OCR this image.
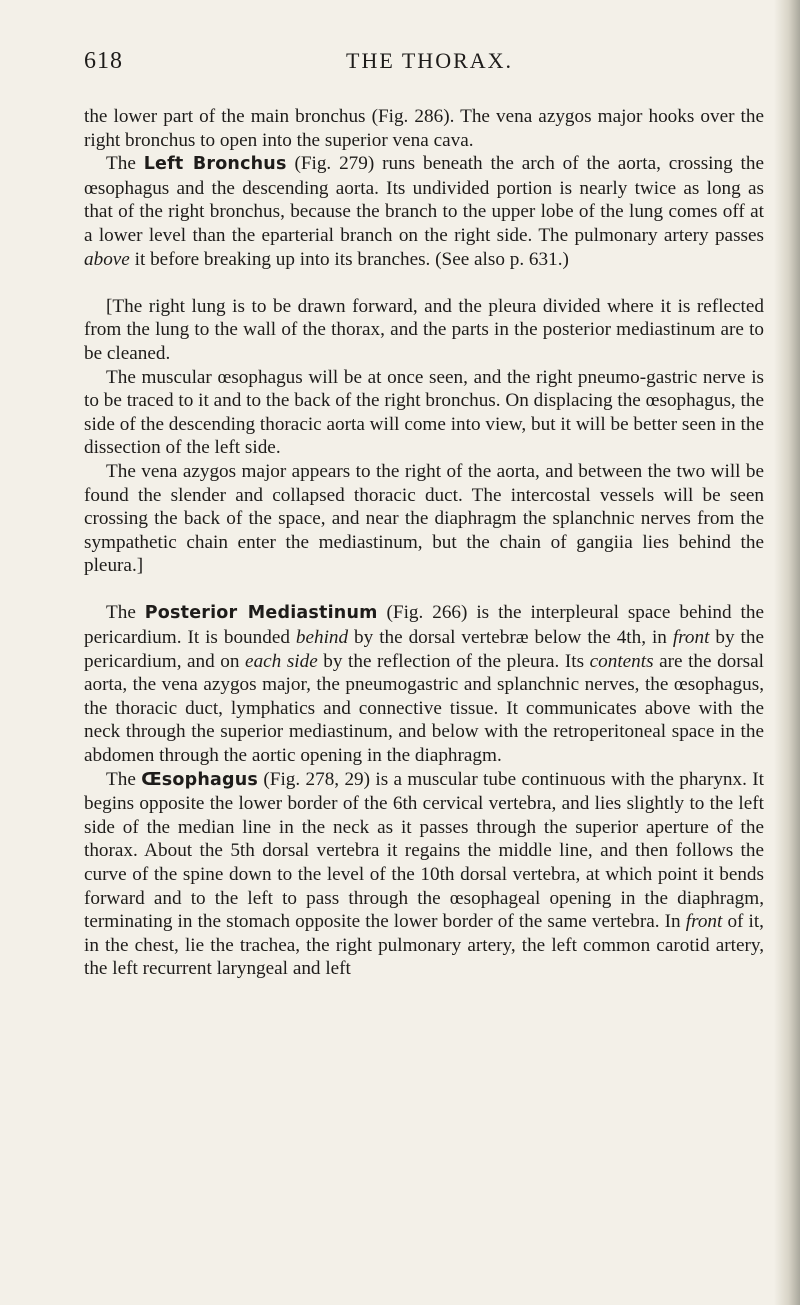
618	THE THORAX.

the lower part of the main bronchus (Fig. 286). The vena azygos major hooks over the right bronchus to open into the superior vena cava.

The Left Bronchus (Fig. 279) runs beneath the arch of the aorta, crossing the œsophagus and the descending aorta. Its undivided portion is nearly twice as long as that of the right bronchus, because the branch to the upper lobe of the lung comes off at a lower level than the eparterial branch on the right side. The pulmonary artery passes above it before breaking up into its branches. (See also p. 631.)

[The right lung is to be drawn forward, and the pleura divided where it is reflected from the lung to the wall of the thorax, and the parts in the posterior mediastinum are to be cleaned.

The muscular œsophagus will be at once seen, and the right pneumo-gastric nerve is to be traced to it and to the back of the right bronchus. On displacing the œsophagus, the side of the descending thoracic aorta will come into view, but it will be better seen in the dissection of the left side.

The vena azygos major appears to the right of the aorta, and between the two will be found the slender and collapsed thoracic duct. The intercostal vessels will be seen crossing the back of the space, and near the diaphragm the splanchnic nerves from the sympathetic chain enter the mediastinum, but the chain of gangiia lies behind the pleura.]

The Posterior Mediastinum (Fig. 266) is the interpleural space behind the pericardium. It is bounded behind by the dorsal vertebræ below the 4th, in front by the pericardium, and on each side by the reflection of the pleura. Its contents are the dorsal aorta, the vena azygos major, the pneumogastric and splanchnic nerves, the œsophagus, the thoracic duct, lymphatics and connective tissue. It communicates above with the neck through the superior mediastinum, and below with the retroperitoneal space in the abdomen through the aortic opening in the diaphragm.

The Œsophagus (Fig. 278, 29) is a muscular tube continuous with the pharynx. It begins opposite the lower border of the 6th cervical vertebra, and lies slightly to the left side of the median line in the neck as it passes through the superior aperture of the thorax. About the 5th dorsal vertebra it regains the middle line, and then follows the curve of the spine down to the level of the 10th dorsal vertebra, at which point it bends forward and to the left to pass through the œsophageal opening in the diaphragm, terminating in the stomach opposite the lower border of the same vertebra. In front of it, in the chest, lie the trachea, the right pulmonary artery, the left common carotid artery, the left recurrent laryngeal and left
